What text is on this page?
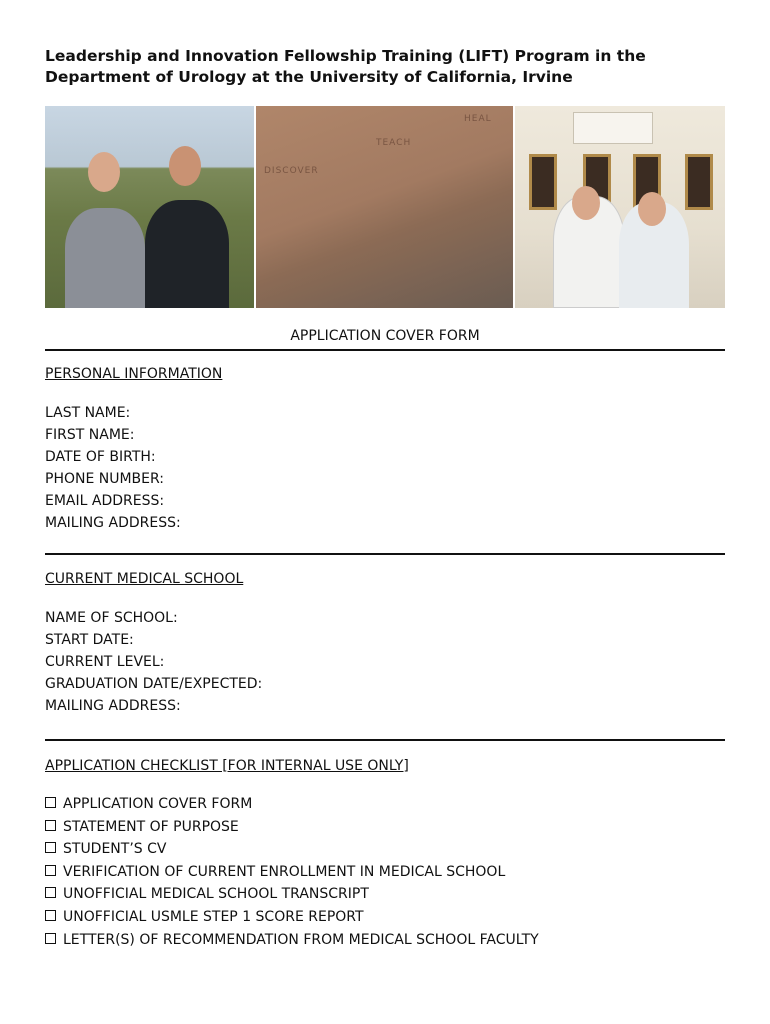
Leadership and Innovation Fellowship Training (LIFT) Program in the
Department of Urology at the University of California, Irvine
DISCOVER
TEACH
HEAL
APPLICATION COVER FORM
PERSONAL INFORMATION
LAST NAME:
FIRST NAME:
DATE OF BIRTH:
PHONE NUMBER:
EMAIL ADDRESS:
MAILING ADDRESS:
CURRENT MEDICAL SCHOOL
NAME OF SCHOOL:
START DATE:
CURRENT LEVEL:
GRADUATION DATE/EXPECTED:
MAILING ADDRESS:
APPLICATION CHECKLIST [FOR INTERNAL USE ONLY]
APPLICATION COVER FORM
STATEMENT OF PURPOSE
STUDENT’S CV
VERIFICATION OF CURRENT ENROLLMENT IN MEDICAL SCHOOL
UNOFFICIAL MEDICAL SCHOOL TRANSCRIPT
UNOFFICIAL USMLE STEP 1 SCORE REPORT
LETTER(S) OF RECOMMENDATION FROM MEDICAL SCHOOL FACULTY
